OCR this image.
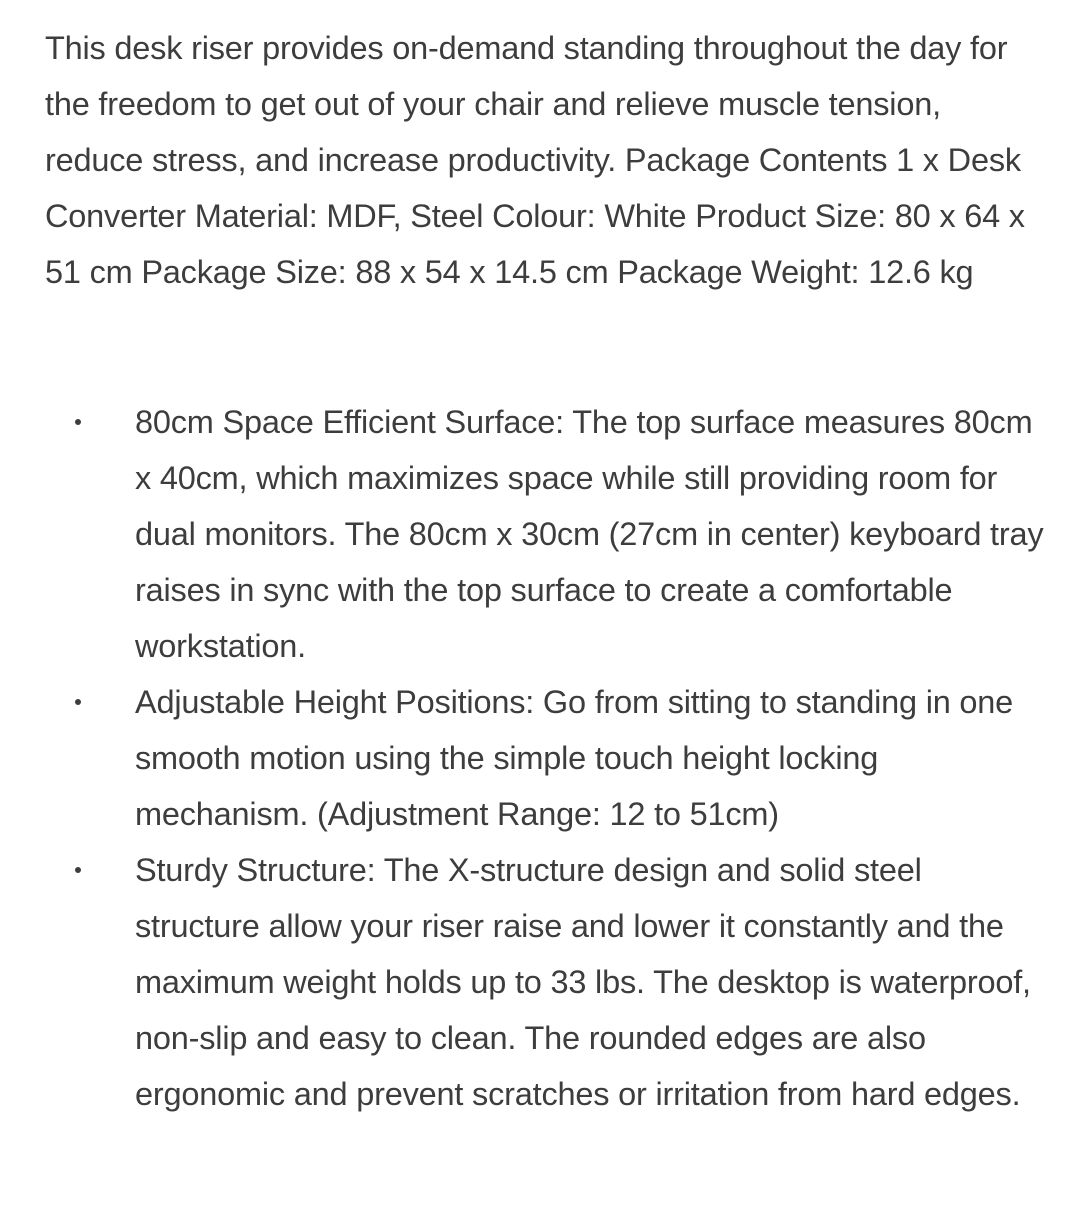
This desk riser provides on-demand standing throughout the day for the freedom to get out of your chair and relieve muscle tension, reduce stress, and increase productivity. Package Contents 1 x Desk Converter Material: MDF, Steel Colour: White Product Size: 80 x 64 x 51 cm Package Size: 88 x 54 x 14.5 cm Package Weight: 12.6 kg

80cm Space Efficient Surface: The top surface measures 80cm x 40cm, which maximizes space while still providing room for dual monitors. The 80cm x 30cm (27cm in center) keyboard tray raises in sync with the top surface to create a comfortable workstation.
Adjustable Height Positions: Go from sitting to standing in one smooth motion using the simple touch height locking mechanism. (Adjustment Range: 12 to 51cm)
Sturdy Structure: The X-structure design and solid steel structure allow your riser raise and lower it constantly and the maximum weight holds up to 33 lbs. The desktop is waterproof, non-slip and easy to clean. The rounded edges are also ergonomic and prevent scratches or irritation from hard edges.
